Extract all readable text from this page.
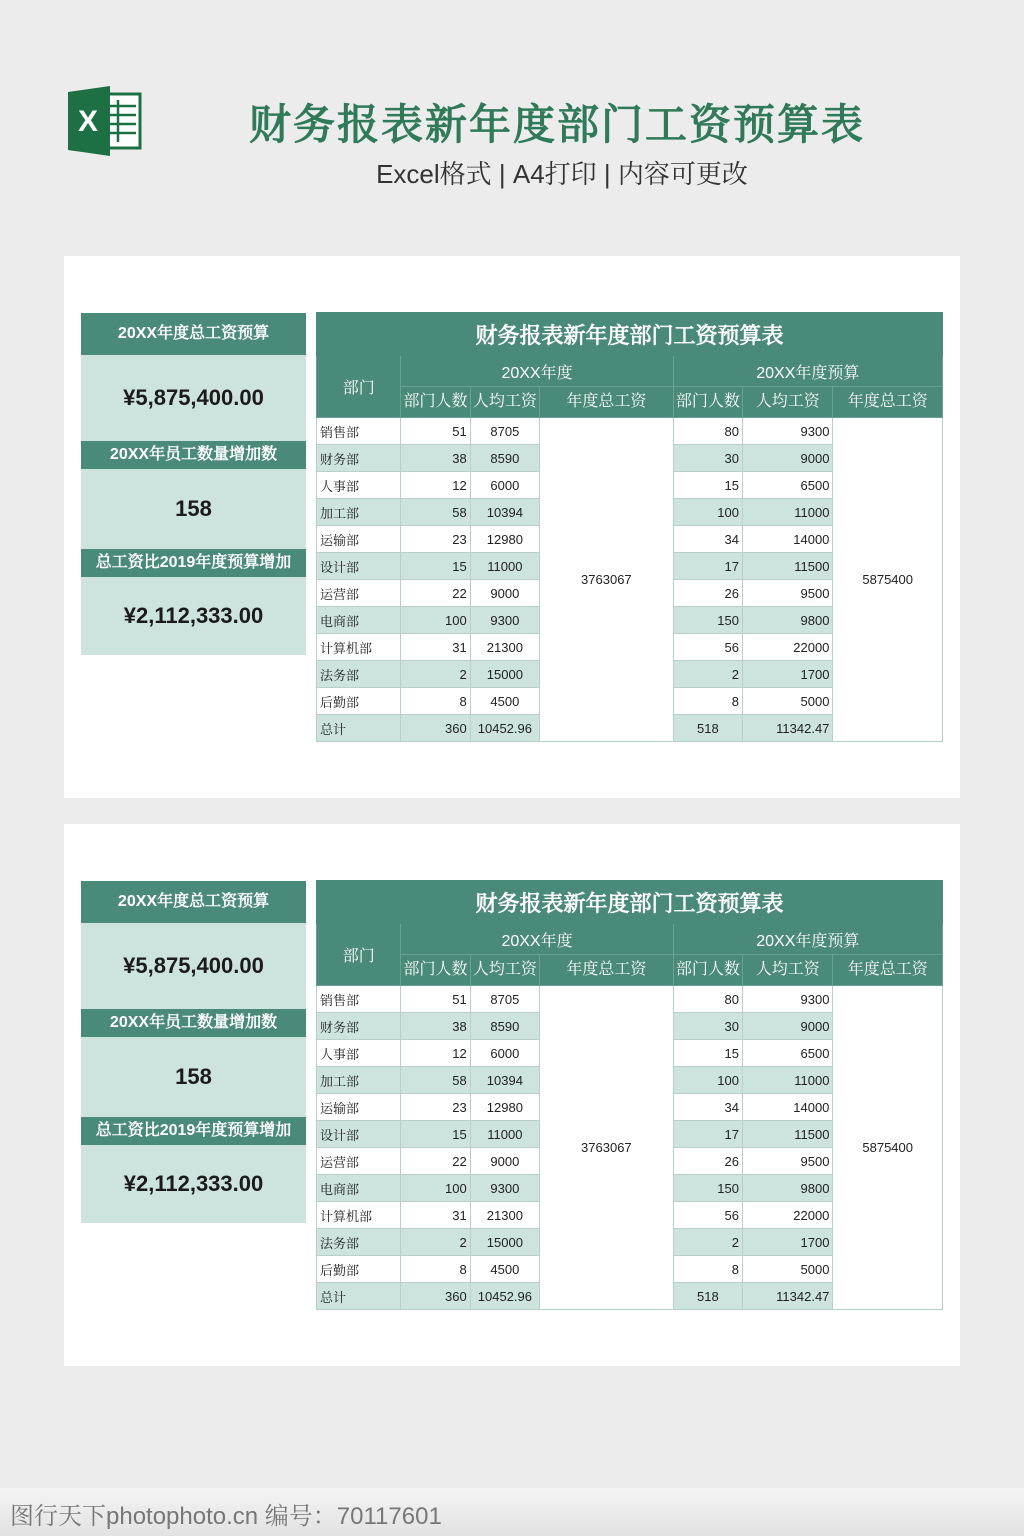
X	财务报表新年度部门工资预算表
Excel格式 | A4打印 | 内容可更改
20XX年度总工资预算
¥5,875,400.00
20XX年员工数量增加数
158
总工资比2019年度预算增加
¥2,112,333.00
财务报表新年度部门工资预算表						
部门	20XX年度			20XX年度预算		
	部门人数	人均工资	年度总工资	部门人数	人均工资	年度总工资
销售部	51	8705	3763067	80	9300	5875400
财务部	38	8590		30	9000	
人事部	12	6000		15	6500	
加工部	58	10394		100	11000	
运输部	23	12980		34	14000	
设计部	15	11000		17	11500	
运营部	22	9000		26	9500	
电商部	100	9300		150	9800	
计算机部	31	21300		56	22000	
法务部	2	15000		2	1700	
后勤部	8	4500		8	5000	
总计	360	10452.96		518	11342.47	
20XX年度总工资预算
¥5,875,400.00
20XX年员工数量增加数
158
总工资比2019年度预算增加
¥2,112,333.00
财务报表新年度部门工资预算表						
部门	20XX年度			20XX年度预算		
	部门人数	人均工资	年度总工资	部门人数	人均工资	年度总工资
销售部	51	8705	3763067	80	9300	5875400
财务部	38	8590		30	9000	
人事部	12	6000		15	6500	
加工部	58	10394		100	11000	
运输部	23	12980		34	14000	
设计部	15	11000		17	11500	
运营部	22	9000		26	9500	
电商部	100	9300		150	9800	
计算机部	31	21300		56	22000	
法务部	2	15000		2	1700	
后勤部	8	4500		8	5000	
总计	360	10452.96		518	11342.47	
图行天下photophoto.cn 编号：70117601
